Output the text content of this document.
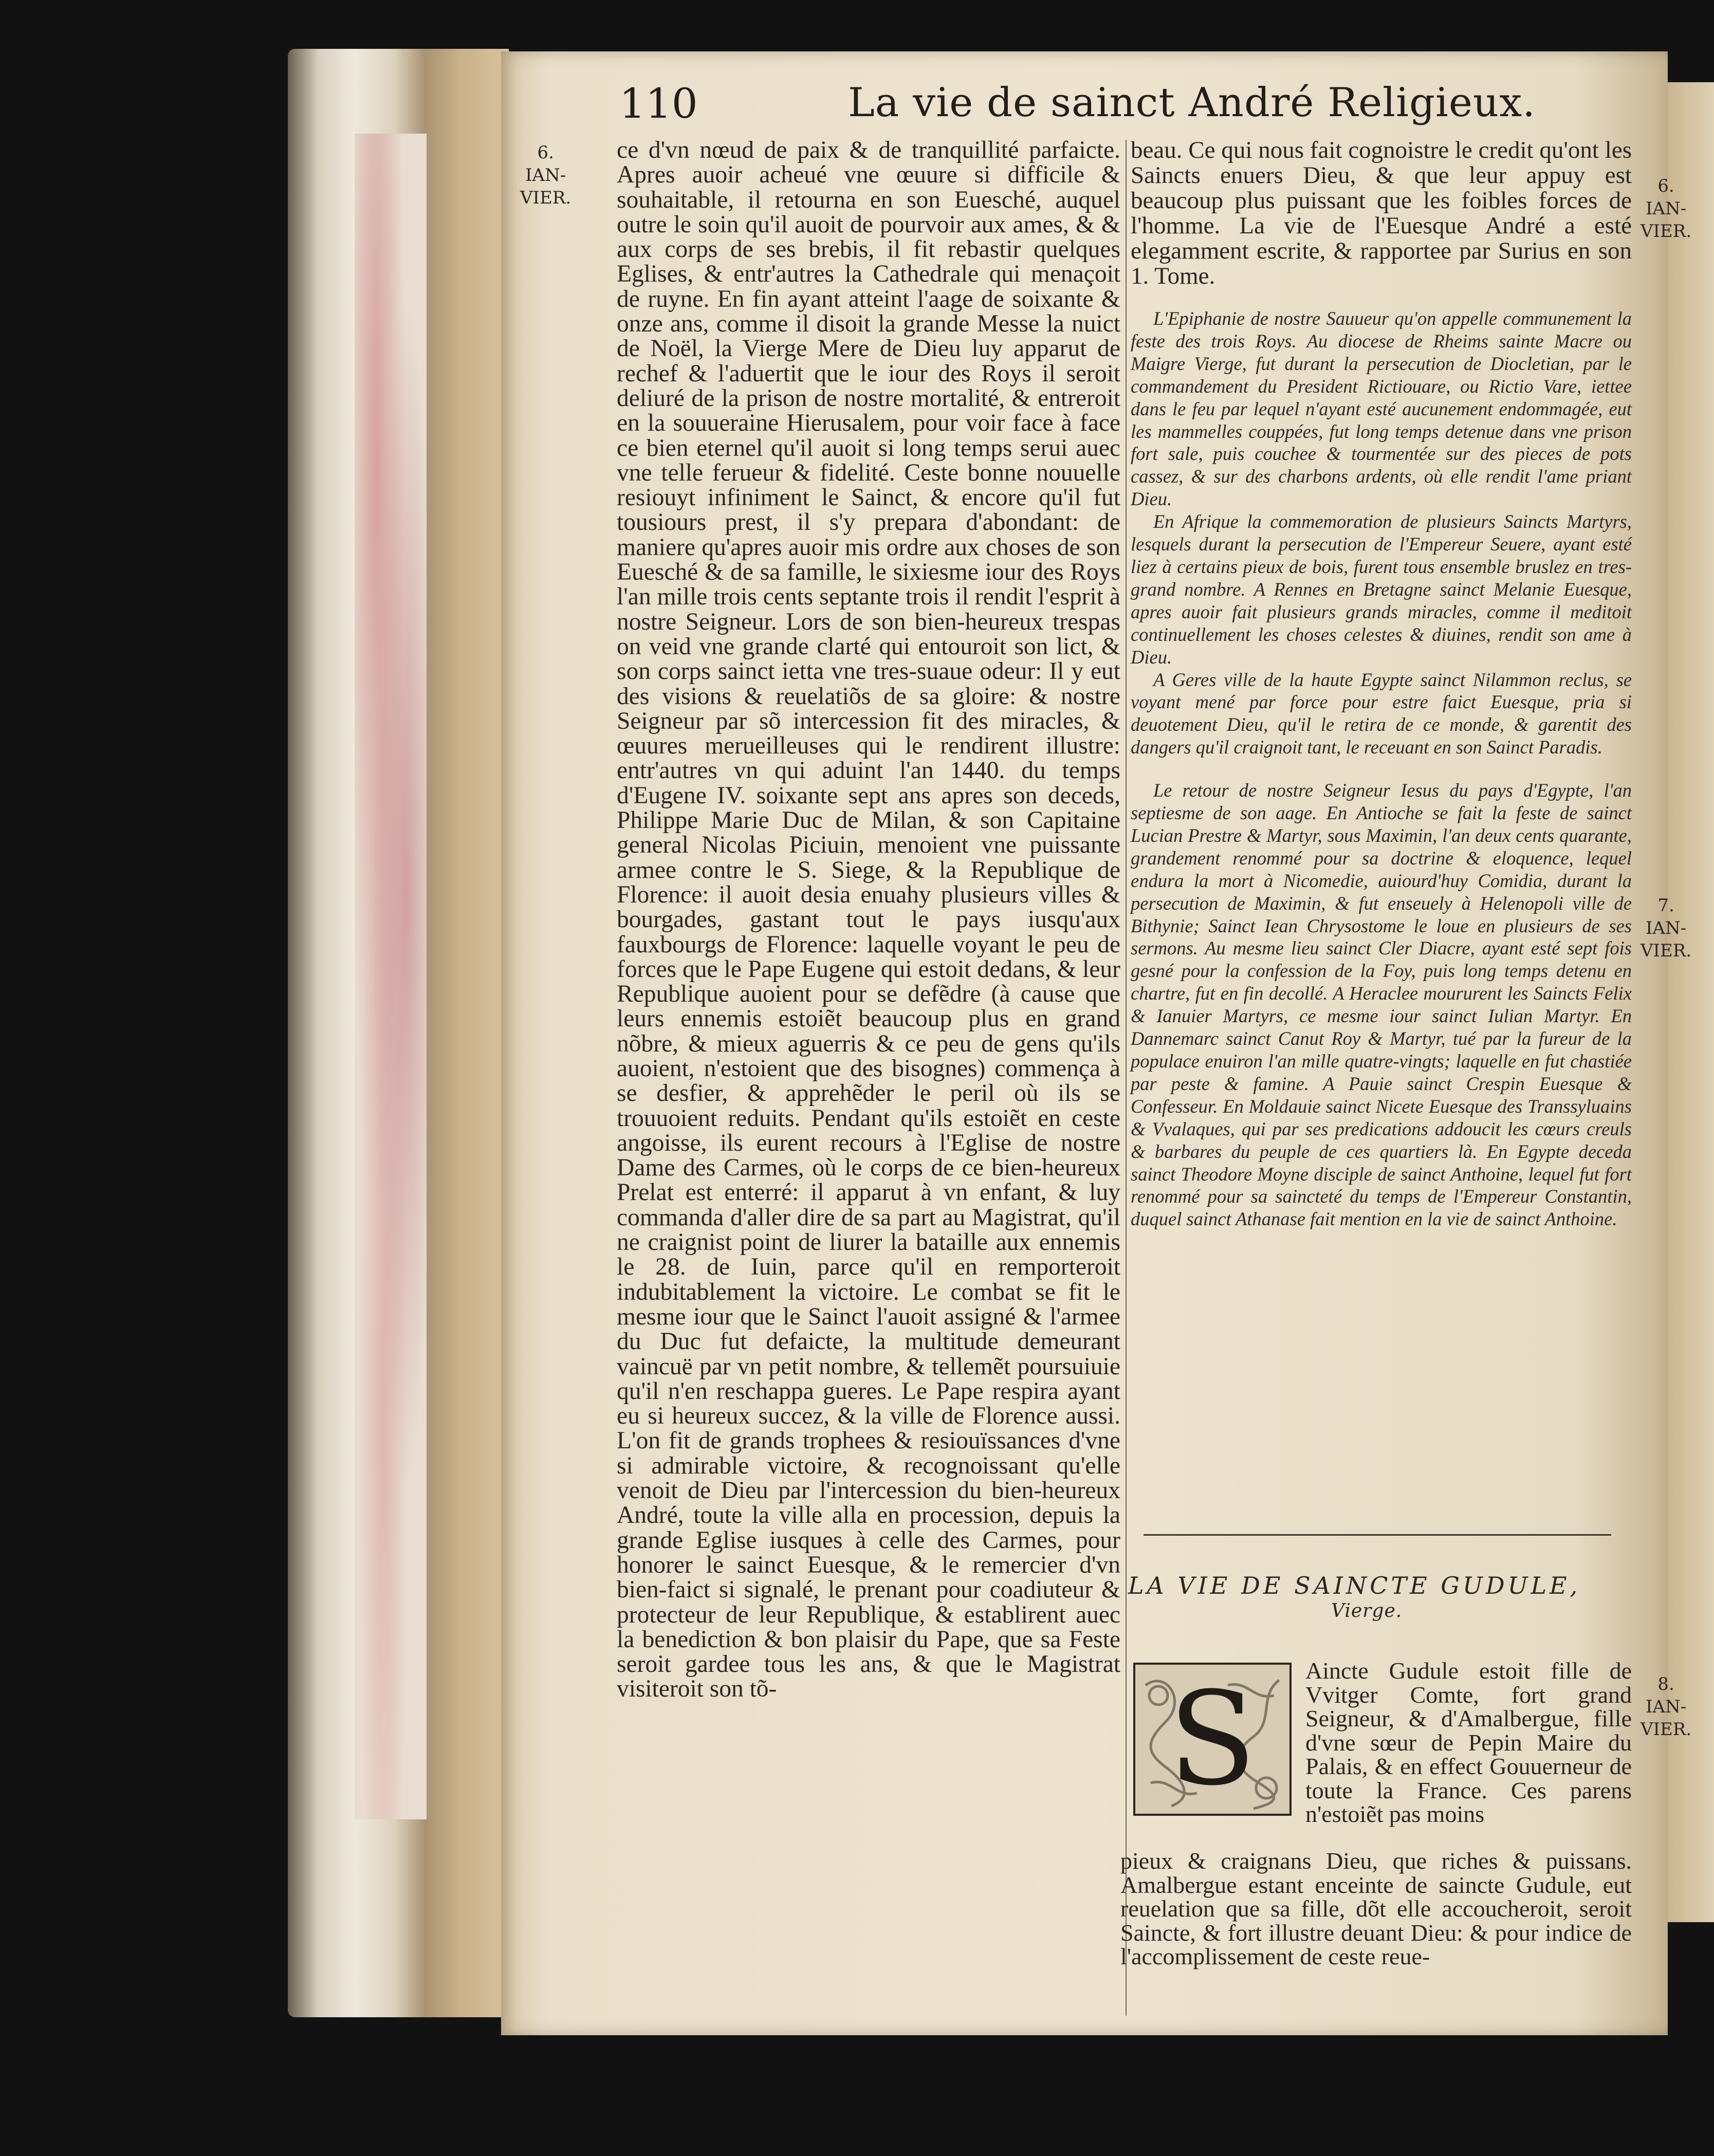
110	La vie de sainct André Religieux.
6.
IAN-
VIER.
6.
IAN-
VIER.
7.
IAN-
VIER.
8.
IAN-
VIER.

ce d'vn nœud de paix & de tranquillité parfaicte. Apres auoir acheué vne œuure si difficile & souhaitable, il retourna en son Euesché, auquel outre le soin qu'il auoit de pourvoir aux ames, & & aux corps de ses brebis, il fit rebastir quelques Eglises, & entr'autres la Cathedrale qui menaçoit de ruyne. En fin ayant atteint l'aage de soixante & onze ans, comme il disoit la grande Messe la nuict de Noël, la Vierge Mere de Dieu luy apparut de rechef & l'aduertit que le iour des Roys il seroit deliuré de la prison de nostre mortalité, & entreroit en la souueraine Hierusalem, pour voir face à face ce bien eternel qu'il auoit si long temps serui auec vne telle ferueur & fidelité. Ceste bonne nouuelle resiouyt infiniment le Sainct, & encore qu'il fut tousiours prest, il s'y prepara d'abondant: de maniere qu'apres auoir mis ordre aux choses de son Euesché & de sa famille, le sixiesme iour des Roys l'an mille trois cents septante trois il rendit l'esprit à nostre Seigneur. Lors de son bien-heureux trespas on veid vne grande clarté qui entouroit son lict, & son corps sainct ietta vne tres-suaue odeur: Il y eut des visions & reuelatiõs de sa gloire: & nostre Seigneur par sõ intercession fit des miracles, & œuures merueilleuses qui le rendirent illustre: entr'autres vn qui aduint l'an 1440. du temps d'Eugene IV. soixante sept ans apres son deceds, Philippe Marie Duc de Milan, & son Capitaine general Nicolas Piciuin, menoient vne puissante armee contre le S. Siege, & la Republique de Florence: il auoit desia enuahy plusieurs villes & bourgades, gastant tout le pays iusqu'aux fauxbourgs de Florence: laquelle voyant le peu de forces que le Pape Eugene qui estoit dedans, & leur Republique auoient pour se defẽdre (à cause que leurs ennemis estoiẽt beaucoup plus en grand nõbre, & mieux aguerris & ce peu de gens qu'ils auoient, n'estoient que des bisognes) commença à se desfier, & apprehẽder le peril où ils se trouuoient reduits. Pendant qu'ils estoiẽt en ceste angoisse, ils eurent recours à l'Eglise de nostre Dame des Carmes, où le corps de ce bien-heureux Prelat est enterré: il apparut à vn enfant, & luy commanda d'aller dire de sa part au Magistrat, qu'il ne craignist point de liurer la bataille aux ennemis le 28. de Iuin, parce qu'il en remporteroit indubitablement la victoire. Le combat se fit le mesme iour que le Sainct l'auoit assigné & l'armee du Duc fut defaicte, la multitude demeurant vaincuë par vn petit nombre, & tellemẽt poursuiuie qu'il n'en reschappa gueres. Le Pape respira ayant eu si heureux succez, & la ville de Florence aussi. L'on fit de grands trophees & resiouïssances d'vne si admirable victoire, & recognoissant qu'elle venoit de Dieu par l'intercession du bien-heureux André, toute la ville alla en procession, depuis la grande Eglise iusques à celle des Carmes, pour honorer le sainct Euesque, & le remercier d'vn bien-faict si signalé, le prenant pour coadiuteur & protecteur de leur Republique, & establirent auec la benediction & bon plaisir du Pape, que sa Feste seroit gardee tous les ans, & que le Magistrat visiteroit son tõ-

beau. Ce qui nous fait cognoistre le credit qu'ont les Saincts enuers Dieu, & que leur appuy est beaucoup plus puissant que les foibles forces de l'homme. La vie de l'Euesque André a esté elegamment escrite, & rapportee par Surius en son 1. Tome.

L'Epiphanie de nostre Sauueur qu'on appelle communement la feste des trois Roys. Au diocese de Rheims sainte Macre ou Maigre Vierge, fut durant la persecution de Diocletian, par le commandement du President Rictiouare, ou Rictio Vare, iettee dans le feu par lequel n'ayant esté aucunement endommagée, eut les mammelles couppées, fut long temps detenue dans vne prison fort sale, puis couchee & tourmentée sur des pieces de pots cassez, & sur des charbons ardents, où elle rendit l'ame priant Dieu.

En Afrique la commemoration de plusieurs Saincts Martyrs, lesquels durant la persecution de l'Empereur Seuere, ayant esté liez à certains pieux de bois, furent tous ensemble bruslez en tres-grand nombre. A Rennes en Bretagne sainct Melanie Euesque, apres auoir fait plusieurs grands miracles, comme il meditoit continuellement les choses celestes & diuines, rendit son ame à Dieu.

A Geres ville de la haute Egypte sainct Nilammon reclus, se voyant mené par force pour estre faict Euesque, pria si deuotement Dieu, qu'il le retira de ce monde, & garentit des dangers qu'il craignoit tant, le receuant en son Sainct Paradis.

Le retour de nostre Seigneur Iesus du pays d'Egypte, l'an septiesme de son aage. En Antioche se fait la feste de sainct Lucian Prestre & Martyr, sous Maximin, l'an deux cents quarante, grandement renommé pour sa doctrine & eloquence, lequel endura la mort à Nicomedie, auiourd'huy Comidia, durant la persecution de Maximin, & fut enseuely à Helenopoli ville de Bithynie; Sainct Iean Chrysostome le loue en plusieurs de ses sermons. Au mesme lieu sainct Cler Diacre, ayant esté sept fois gesné pour la confession de la Foy, puis long temps detenu en chartre, fut en fin decollé. A Heraclee moururent les Saincts Felix & Ianuier Martyrs, ce mesme iour sainct Iulian Martyr. En Dannemarc sainct Canut Roy & Martyr, tué par la fureur de la populace enuiron l'an mille quatre-vingts; laquelle en fut chastiée par peste & famine. A Pauie sainct Crespin Euesque & Confesseur. En Moldauie sainct Nicete Euesque des Transsyluains & Vvalaques, qui par ses predications addoucit les cœurs creuls & barbares du peuple de ces quartiers là. En Egypte deceda sainct Theodore Moyne disciple de sainct Anthoine, lequel fut fort renommé pour sa saincteté du temps de l'Empereur Constantin, duquel sainct Athanase fait mention en la vie de sainct Anthoine.

LA VIE DE SAINCTE GUDULE,
Vierge.
S Aincte Gudule estoit fille de Vvitger Comte, fort grand Seigneur, & d'Amalbergue, fille d'vne sœur de Pepin Maire du Palais, & en effect Gouuerneur de toute la France. Ces parens n'estoiẽt pas moins

pieux & craignans Dieu, que riches & puissans. Amalbergue estant enceinte de saincte Gudule, eut reuelation que sa fille, dõt elle accoucheroit, seroit Saincte, & fort illustre deuant Dieu: & pour indice de l'accomplissement de ceste reue-
